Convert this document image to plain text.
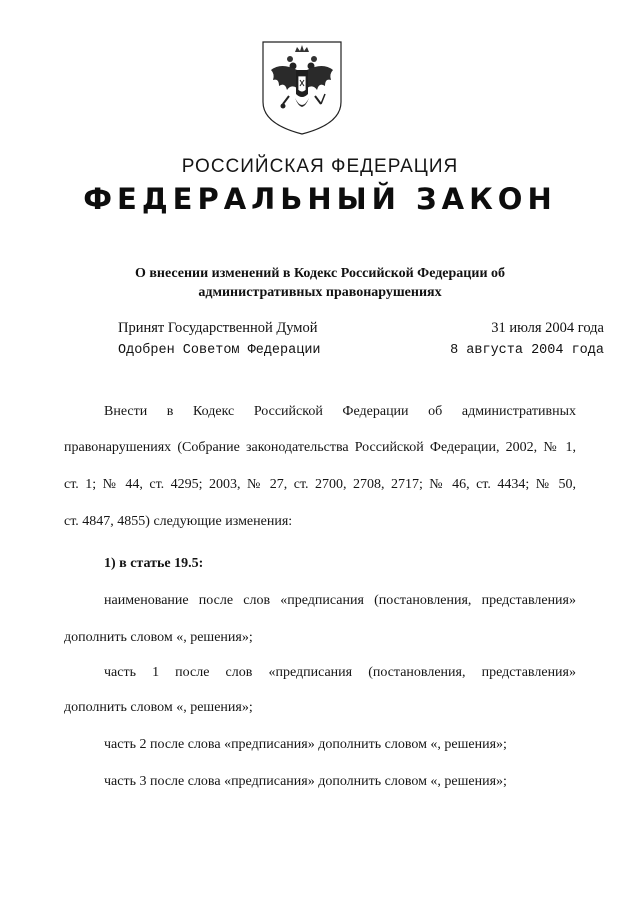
РОССИЙСКАЯ ФЕДЕРАЦИЯ
ФЕДЕРАЛЬНЫЙ ЗАКОН
О внесении изменений в Кодекс Российской Федерации об
административных правонарушениях
Принят Государственной Думой	31 июля 2004 года
Одобрен Советом Федерации	8 августа 2004 года
Внести в Кодекс Российской Федерации об административных
правонарушениях (Собрание законодательства Российской Федерации, 2002, № 1,
ст. 1; № 44, ст. 4295; 2003, № 27, ст. 2700, 2708, 2717; № 46, ст. 4434; № 50,
ст. 4847, 4855) следующие изменения:
1) в статье 19.5:
наименование после слов «предписания (постановления, представления»
дополнить словом «, решения»;
часть 1 после слов «предписания (постановления, представления»
дополнить словом «, решения»;
часть 2 после слова «предписания» дополнить словом «, решения»;
часть 3 после слова «предписания» дополнить словом «, решения»;
